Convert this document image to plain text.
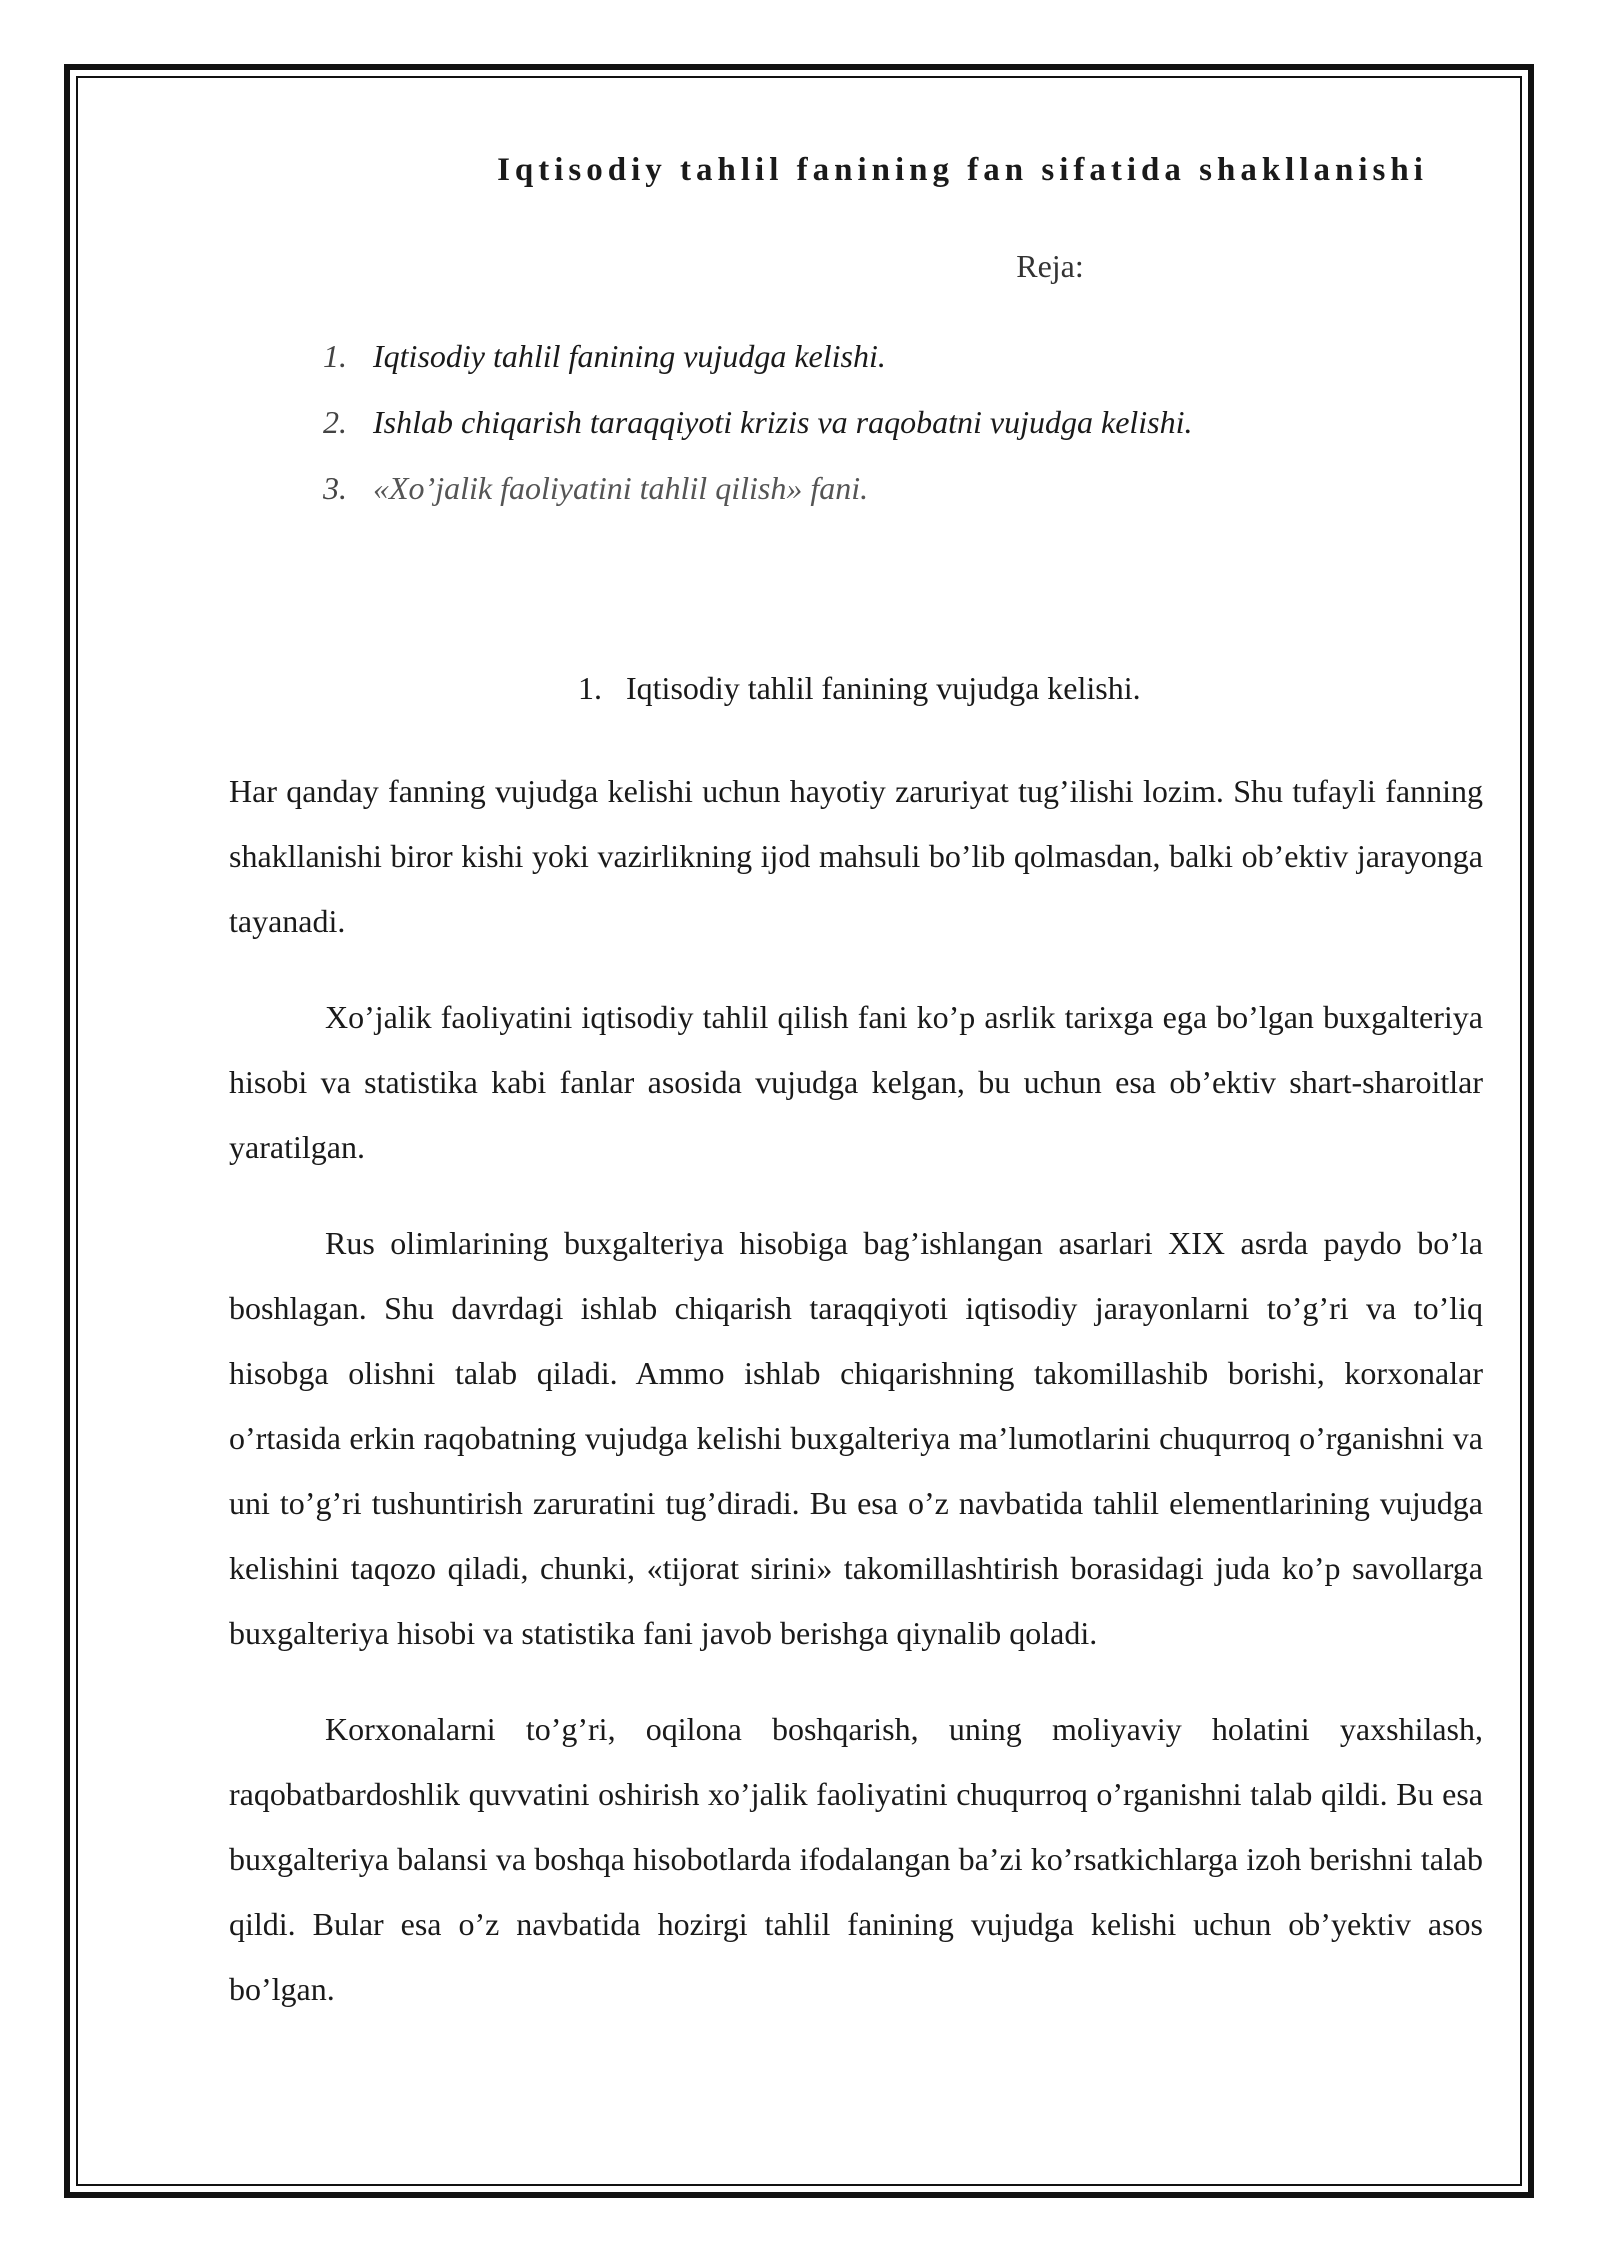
Iqtisodiy tahlil fanining fan sifatida shakllanishi
Reja:
1. Iqtisodiy tahlil fanining vujudga kelishi.
2. Ishlab chiqarish taraqqiyoti krizis va raqobatni vujudga kelishi.
3. «Xo’jalik faoliyatini tahlil qilish» fani.
1. Iqtisodiy tahlil fanining vujudga kelishi.

Har qanday fanning vujudga kelishi uchun hayotiy zaruriyat tug’ilishi lozim. Shu tufayli fanning shakllanishi biror kishi yoki vazirlikning ijod mahsuli bo’lib qolmasdan, balki ob’ektiv jarayonga tayanadi.

Xo’jalik faoliyatini iqtisodiy tahlil qilish fani ko’p asrlik tarixga ega bo’lgan buxgalteriya hisobi va statistika kabi fanlar asosida vujudga kelgan, bu uchun esa ob’ektiv shart-sharoitlar yaratilgan.

Rus olimlarining buxgalteriya hisobiga bag’ishlangan asarlari XIX asrda paydo bo’la boshlagan. Shu davrdagi ishlab chiqarish taraqqiyoti iqtisodiy jarayonlarni to’g’ri va to’liq hisobga olishni talab qiladi. Ammo ishlab chiqarishning takomillashib borishi, korxonalar o’rtasida erkin raqobatning vujudga kelishi buxgalteriya ma’lumotlarini chuqurroq o’rganishni va uni to’g’ri tushuntirish zaruratini tug’diradi. Bu esa o’z navbatida tahlil elementlarining vujudga kelishini taqozo qiladi, chunki, «tijorat sirini» takomillashtirish borasidagi juda ko’p savollarga buxgalteriya hisobi va statistika fani javob berishga qiynalib qoladi.

Korxonalarni to’g’ri, oqilona boshqarish, uning moliyaviy holatini yaxshilash, raqobatbardoshlik quvvatini oshirish xo’jalik faoliyatini chuqurroq o’rganishni talab qildi. Bu esa buxgalteriya balansi va boshqa hisobotlarda ifodalangan ba’zi ko’rsatkichlarga izoh berishni talab qildi. Bular esa o’z navbatida hozirgi tahlil fanining vujudga kelishi uchun ob’yektiv asos bo’lgan.
